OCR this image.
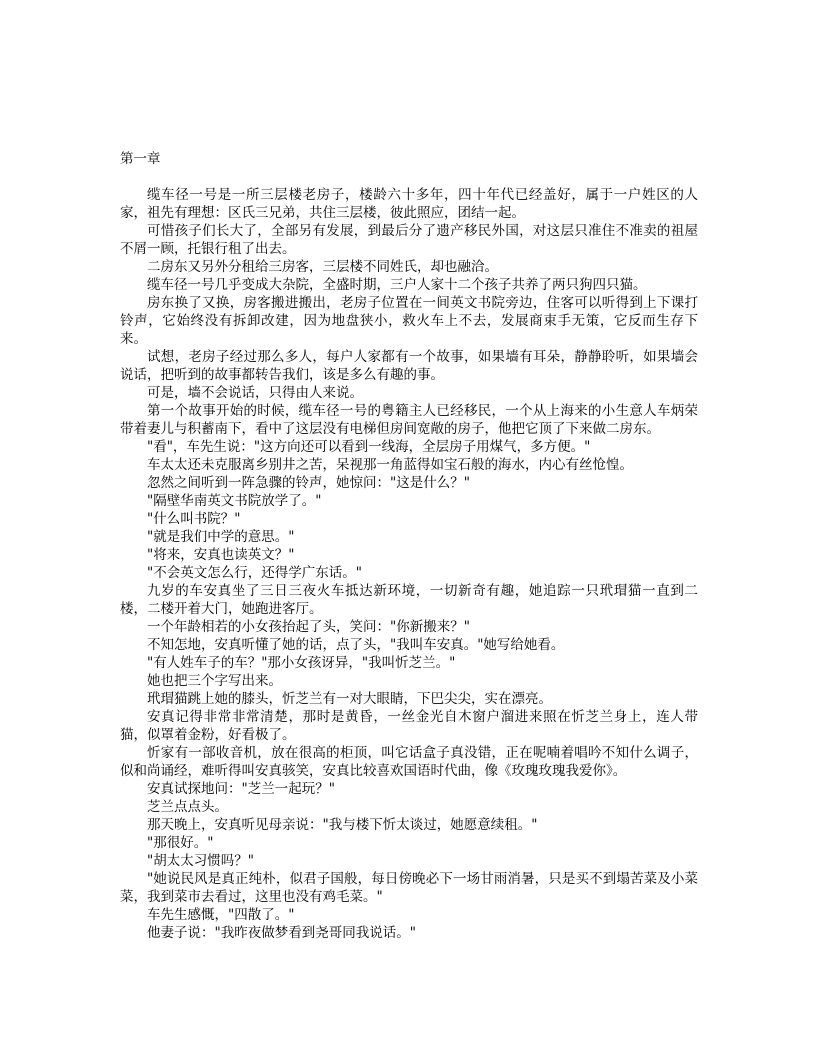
第一章

缆车径一号是一所三层楼老房子，楼龄六十多年，四十年代已经盖好，属于一户姓区的人家，祖先有理想：区氏三兄弟，共住三层楼，彼此照应，团结一起。

可惜孩子们长大了，全部另有发展，到最后分了遗产移民外国，对这层只准住不准卖的祖屋不屑一顾，托银行租了出去。

二房东又另外分租给三房客，三层楼不同姓氏，却也融洽。

缆车径一号几乎变成大杂院，全盛时期，三户人家十二个孩子共养了两只狗四只猫。

房东换了又换，房客搬进搬出，老房子位置在一间英文书院旁边，住客可以听得到上下课打铃声，它始终没有拆卸改建，因为地盘狭小，救火车上不去，发展商束手无策，它反而生存下来。

试想，老房子经过那么多人，每户人家都有一个故事，如果墙有耳朵，静静聆听，如果墙会说话，把听到的故事都转告我们，该是多么有趣的事。

可是，墙不会说话，只得由人来说。

第一个故事开始的时候，缆车径一号的粤籍主人已经移民，一个从上海来的小生意人车炳荣带着妻儿与积蓄南下，看中了这层没有电梯但房间宽敞的房子，他把它顶了下来做二房东。

"看"，车先生说："这方向还可以看到一线海，全层房子用煤气，多方便。"

车太太还未克服离乡别井之苦，呆视那一角蓝得如宝石般的海水，内心有丝怆惶。

忽然之间听到一阵急骤的铃声，她惊问："这是什么？"

"隔壁华南英文书院放学了。"

"什么叫书院？"

"就是我们中学的意思。"

"将来，安真也读英文？"

"不会英文怎么行，还得学广东话。"

九岁的车安真坐了三日三夜火车抵达新环境，一切新奇有趣，她追踪一只玳瑁猫一直到二楼，二楼开着大门，她跑进客厅。

一个年龄相若的小女孩抬起了头，笑问："你新搬来？"

不知怎地，安真听懂了她的话，点了头，"我叫车安真。"她写给她看。

"有人姓车子的车？"那小女孩讶异，"我叫忻芝兰。"

她也把三个字写出来。

玳瑁猫跳上她的膝头，忻芝兰有一对大眼睛，下巴尖尖，实在漂亮。

安真记得非常非常清楚，那时是黄昏，一丝金光自木窗户溜进来照在忻芝兰身上，连人带猫，似罩着金粉，好看极了。

忻家有一部收音机，放在很高的柜顶，叫它话盒子真没错，正在呢喃着唱吟不知什么调子，似和尚诵经，难听得叫安真骇笑，安真比较喜欢国语时代曲，像《玫瑰玫瑰我爱你》。

安真试探地问："芝兰一起玩？"

芝兰点点头。

那天晚上，安真听见母亲说："我与楼下忻太谈过，她愿意续租。"

"那很好。"

"胡太太习惯吗？"

"她说民风是真正纯朴，似君子国般，每日傍晚必下一场甘雨消暑，只是买不到塌苦菜及小菜菜，我到菜市去看过，这里也没有鸡毛菜。"

车先生感慨，"四散了。"

他妻子说："我昨夜做梦看到尧哥同我说话。"
